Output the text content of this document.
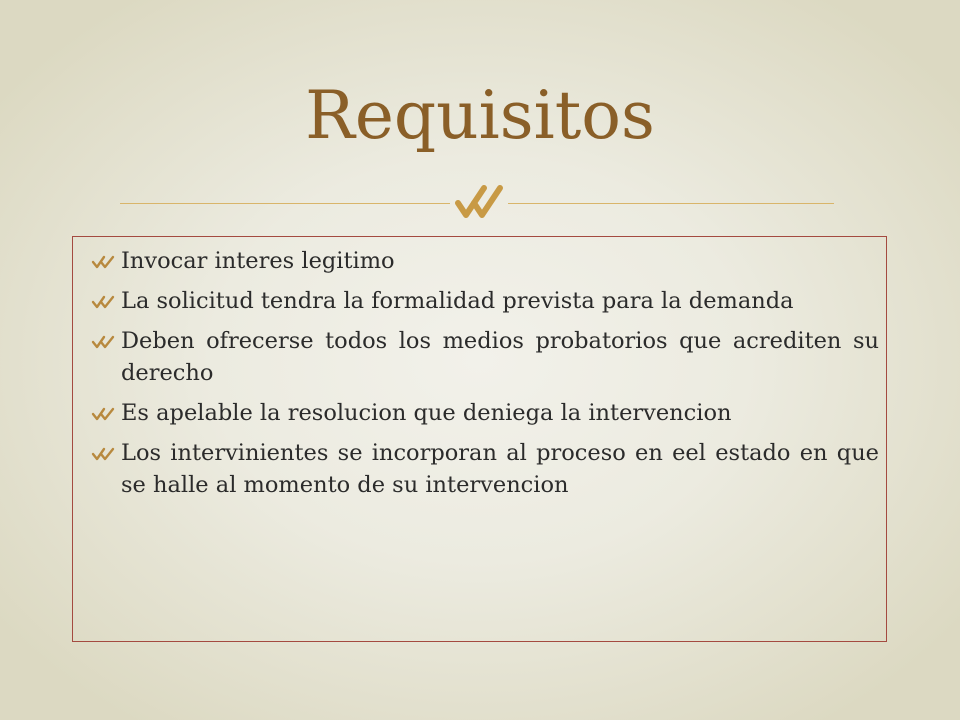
Requisitos
Invocar interes legitimo
La solicitud tendra la formalidad prevista para la demanda
Deben ofrecerse todos los medios probatorios que acrediten su derecho
Es apelable la resolucion que deniega la intervencion
Los intervinientes se incorporan al proceso en eel estado en que se halle al momento de su intervencion
